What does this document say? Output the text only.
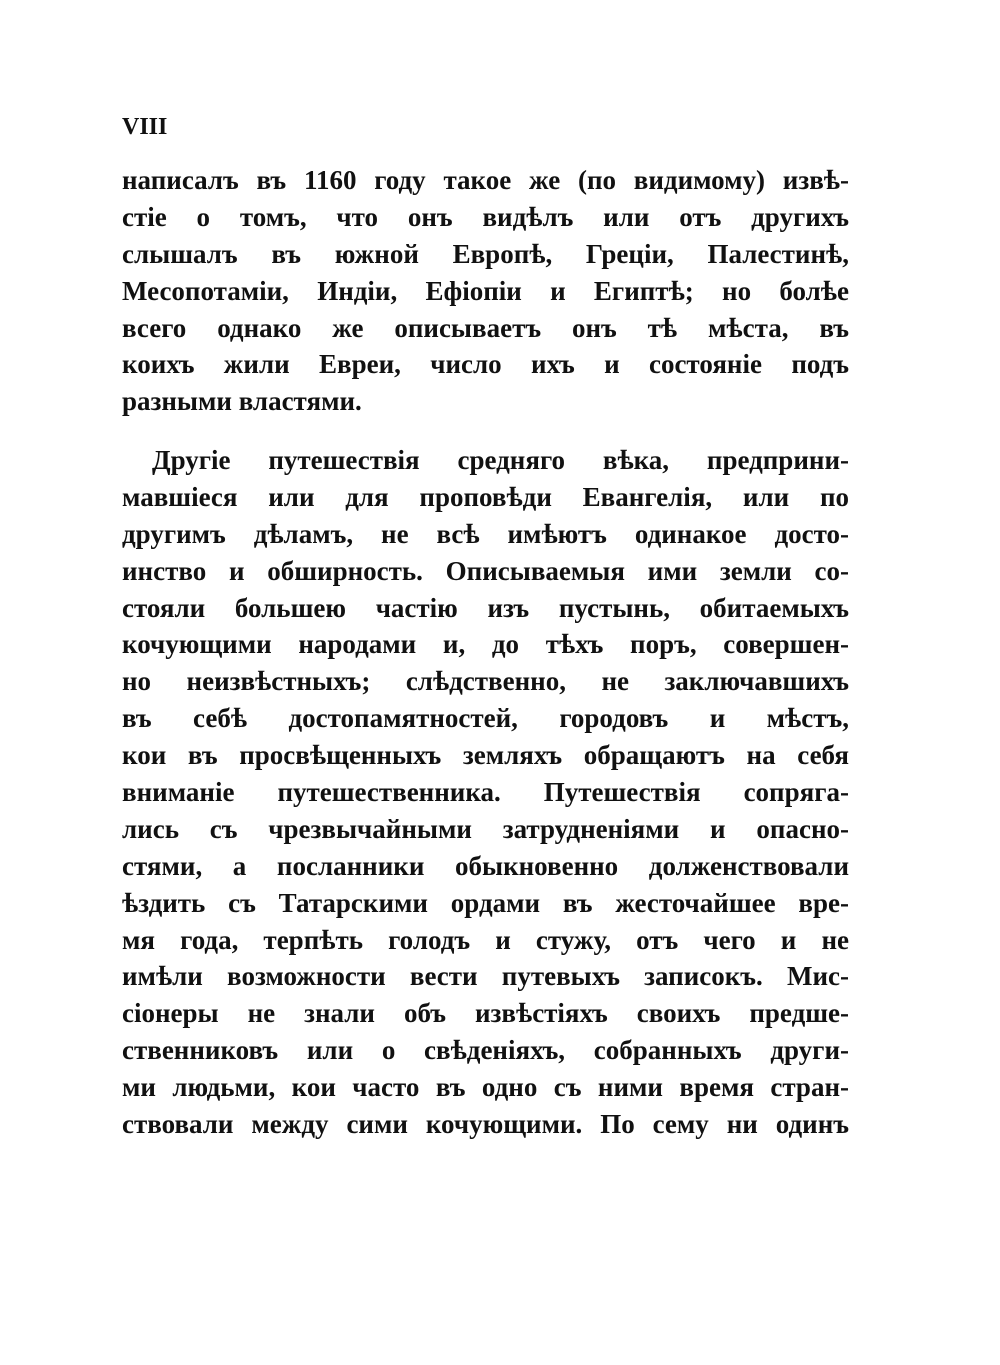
VIII
написалъ въ 1160 году такое же (по видимому) извѣ-
стіе о томъ, что онъ видѣлъ или отъ другихъ
слышалъ въ южной Европѣ, Греціи, Палестинѣ,
Месопотаміи, Индіи, Ефіопіи и Египтѣ; но болѣе
всего однако же описываетъ онъ тѣ мѣста, въ
коихъ жили Евреи, число ихъ и состояніе подъ
разными властями.
Другіе путешествія средняго вѣка, предприни-
мавшіеся или для проповѣди Евангелія, или по
другимъ дѣламъ, не всѣ имѣютъ одинакое досто-
инство и обширность. Описываемыя ими земли со-
стояли большею частію изъ пустынь, обитаемыхъ
кочующими народами и, до тѣхъ поръ, совершен-
но неизвѣстныхъ; слѣдственно, не заключавшихъ
въ себѣ достопамятностей, городовъ и мѣстъ,
кои въ просвѣщенныхъ земляхъ обращаютъ на себя
вниманіе путешественника. Путешествія сопряга-
лись съ чрезвычайными затрудненіями и опасно-
стями, а посланники обыкновенно долженствовали
ѣздить съ Татарскими ордами въ жесточайшее вре-
мя года, терпѣть голодъ и стужу, отъ чего и не
имѣли возможности вести путевыхъ записокъ. Мис-
сіонеры не знали объ извѣстіяхъ своихъ предше-
ственниковъ или о свѣденіяхъ, собранныхъ други-
ми людьми, кои часто въ одно съ ними время стран-
ствовали между сими кочующими. По сему ни одинъ
